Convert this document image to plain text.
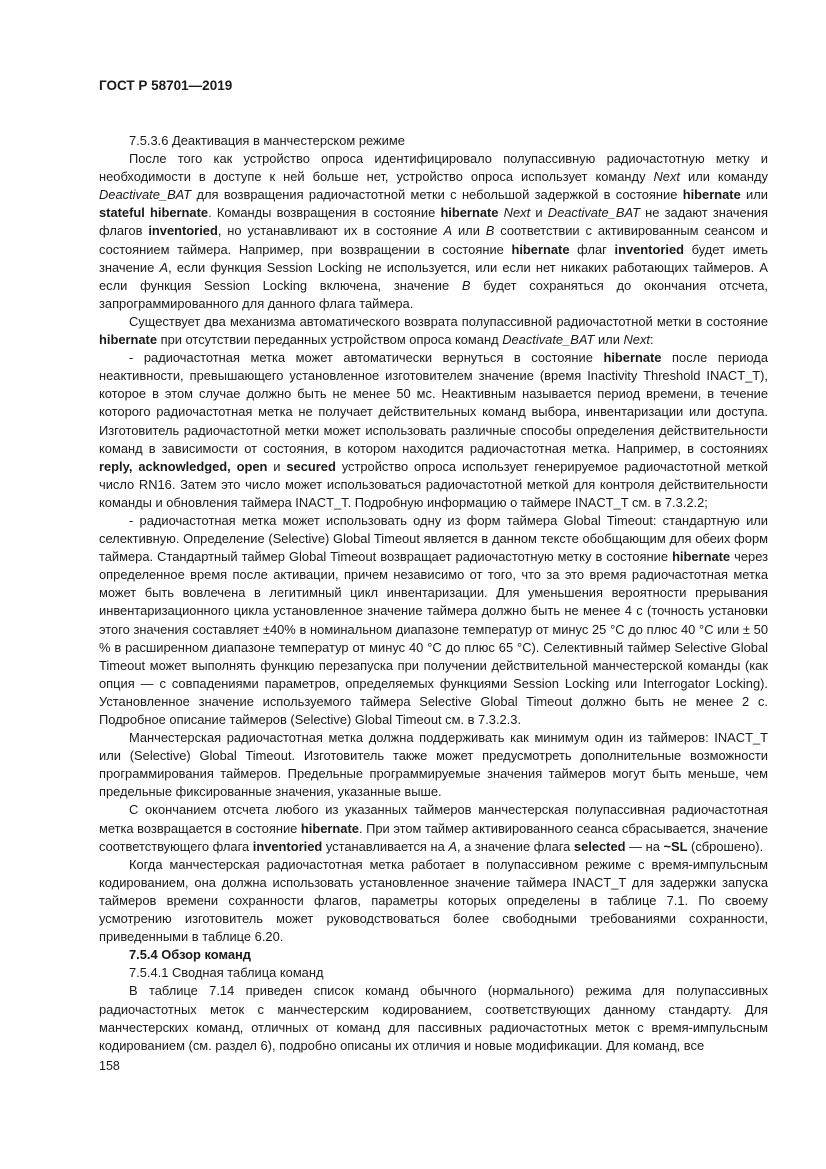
ГОСТ Р 58701—2019
7.5.3.6 Деактивация в манчестерском режиме

После того как устройство опроса идентифицировало полупассивную радиочастотную метку и необходимости в доступе к ней больше нет, устройство опроса использует команду Next или команду Deactivate_BAT для возвращения радиочастотной метки с небольшой задержкой в состояние hibernate или stateful hibernate. Команды возвращения в состояние hibernate Next и Deactivate_BAT не задают значения флагов inventoried, но устанавливают их в состояние A или B соответствии с активированным сеансом и состоянием таймера. Например, при возвращении в состояние hibernate флаг inventoried будет иметь значение A, если функция Session Locking не используется, или если нет никаких работающих таймеров. А если функция Session Locking включена, значение B будет сохраняться до окончания отсчета, запрограммированного для данного флага таймера.

Существует два механизма автоматического возврата полупассивной радиочастотной метки в состояние hibernate при отсутствии переданных устройством опроса команд Deactivate_BAT или Next:

- радиочастотная метка может автоматически вернуться в состояние hibernate после периода неактивности, превышающего установленное изготовителем значение (время Inactivity Threshold INACT_T), которое в этом случае должно быть не менее 50 мс. Неактивным называется период времени, в течение которого радиочастотная метка не получает действительных команд выбора, инвентаризации или доступа. Изготовитель радиочастотной метки может использовать различные способы определения действительности команд в зависимости от состояния, в котором находится радиочастотная метка. Например, в состояниях reply, acknowledged, open и secured устройство опроса использует генерируемое радиочастотной меткой число RN16. Затем это число может использоваться радиочастотной меткой для контроля действительности команды и обновления таймера INACT_T. Подробную информацию о таймере INACT_T см. в 7.3.2.2;

- радиочастотная метка может использовать одну из форм таймера Global Timeout: стандартную или селективную. Определение (Selective) Global Timeout является в данном тексте обобщающим для обеих форм таймера. Стандартный таймер Global Timeout возвращает радиочастотную метку в состояние hibernate через определенное время после активации, причем независимо от того, что за это время радиочастотная метка может быть вовлечена в легитимный цикл инвентаризации. Для уменьшения вероятности прерывания инвентаризационного цикла установленное значение таймера должно быть не менее 4 с (точность установки этого значения составляет ±40% в номинальном диапазоне температур от минус 25 °С до плюс 40 °С или ± 50 % в расширенном диапазоне температур от минус 40 °С до плюс 65 °С). Селективный таймер Selective Global Timeout может выполнять функцию перезапуска при получении действительной манчестерской команды (как опция — с совпадениями параметров, определяемых функциями Session Locking или Interrogator Locking). Установленное значение используемого таймера Selective Global Timeout должно быть не менее 2 с. Подробное описание таймеров (Selective) Global Timeout см. в 7.3.2.3.

Манчестерская радиочастотная метка должна поддерживать как минимум один из таймеров: INACT_T или (Selective) Global Timeout. Изготовитель также может предусмотреть дополнительные возможности программирования таймеров. Предельные программируемые значения таймеров могут быть меньше, чем предельные фиксированные значения, указанные выше.

С окончанием отсчета любого из указанных таймеров манчестерская полупассивная радиочастотная метка возвращается в состояние hibernate. При этом таймер активированного сеанса сбрасывается, значение соответствующего флага inventoried устанавливается на A, а значение флага selected — на ~SL (сброшено).

Когда манчестерская радиочастотная метка работает в полупассивном режиме с время-импульсным кодированием, она должна использовать установленное значение таймера INACT_T для задержки запуска таймеров времени сохранности флагов, параметры которых определены в таблице 7.1. По своему усмотрению изготовитель может руководствоваться более свободными требованиями сохранности, приведенными в таблице 6.20.

7.5.4 Обзор команд
7.5.4.1 Сводная таблица команд

В таблице 7.14 приведен список команд обычного (нормального) режима для полупассивных радиочастотных меток с манчестерским кодированием, соответствующих данному стандарту. Для манчестерских команд, отличных от команд для пассивных радиочастотных меток с время-импульсным кодированием (см. раздел 6), подробно описаны их отличия и новые модификации. Для команд, все

158
